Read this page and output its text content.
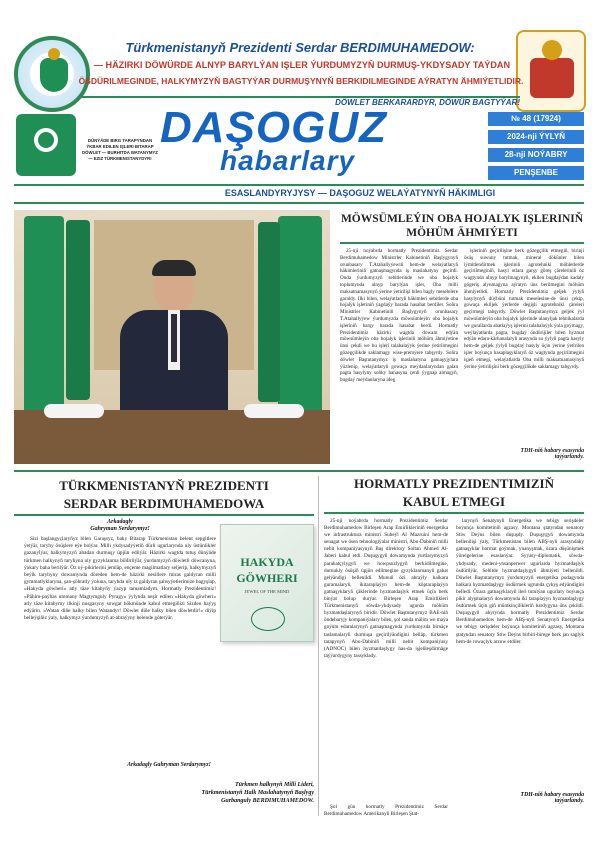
Türkmenistanyň Prezidenti Serdar BERDIMUHAMEDOW:
— HÄZIRKI DÖWÜRDE ALNYP BARYLÝAN IŞLER ÝURDUMYZYŇ DURMUŞ-YKDYSADY TAÝDAN
ÖSDÜRILMEGINDE, HALKYMYZYŇ BAGTYÝAR DURMUŞYNYŇ BERKIDILMEGINDE AÝRATYN ÄHMIÝETLIDIR.
DÖWLET BERKARARDYR, DÖWÜR BAGTYÝAR!
DÜNÝÄDE BIRG TARAPYNDAN ÝKBAR EDILEN IŞLERI BITARAP DÖWLET — BURHITDA WATANYMYZ — EZIZ TÜRKMENISTANYDYR!
DAŞOGUZ
habarlary
№ 48 (17924)
2024-nji ÝYLYŇ
28-nji NOÝABRY
PENŞENBE
ESASLANDYRYJYSY — DAŞOGUZ WELAÝATYNYŇ HÄKIMLIGI
MÖWSÜMLEÝIN OBA HOJALYK IŞLERINIŇ MÖHÜM ÄHMIÝETI

25-nji noýabrda hormatly Prezidentimiz Serdar Berdimuhamedow Ministrler Kabinetiniň Başlygynyň orunbasary T.Atahallyýewiň hem-de welaýatlaryň häkimleriniň gatnaşmagynda iş maslahatyny geçirdi. Onda ýurdumyzyň sebitlerinde we oba hojalyk toplumynda alnyp barylýan işler, Oba milli maksatnamasynyň ýerine ýetirilişi bilen bagly meselelere garaldy. Ilki bilen, welaýatlaryň häkimleri sebitlerde oba hojalyk işleriniň ýagdaýy barada hasabat berdiler. Soňra Ministrler Kabinetiniň Başlygynyň orunbasary T.Atahallyýew ýurdumyzda möwsümleýin oba hojalyk işleriniň barşy barada hasabat berdi. Hormatly Prezidentimiz häzirki wagtda dowam edýän möwsümleýin oba hojalyk işleriniň möhüm ähmiýetine ünsi çekdi we bu işleri talabalaýyk ýerine ýetirilmegini gözegçilikde saklamagy wise-premýere tabşyrdy. Soňra döwlet Baştutanymyz iş maslahatyna gatnaşyjylara ýüzlenip, welaýatlaryň gowaça meýdanlaryndan galan pagta hasylyny soňky hanasyna çenli ýygnap almagyň, bugdaý meýdanlaryna ideg

işleriniň geçirilişine berk gözegçilik etmegiň, birinji ösüş suwuny tutmak, mineral dökünler bilen iýmitlendirmek işleriniň agrotehniki möhletlerde geçirilmeginiň, hasyl otlara garşy göreş çäreleriniň öz wagtynda alnyp barylmagynyň, ekilen bugdaýdan kadaly gögeriş alynmagyna aýratyn üns berilmegini möhüm ähmiýetlidi. Hormatly Prezidentimiz geljek ýylyň hasylynyň düýbüni tutmak meselesine-de ünsi çekip, gowaça ekiljek ýerlerde degişli agrotehniki çäreleri geçirmegi tabşyrdy. Döwlet Baştutanymyz geljek ýyl möwsümleýin oba hojalyk işlerinde ulanyljak tehnikalarda we gurallarda abatlaýyş işlerini talabalaýyk ýola goýmagy, weýlaýatlarda pagta, bugdaý öndürijiler bilen hyzmat edýän edara-kärhanalaryň arasynda su ýylyň pagta hasyly hem-de geljek ýylyň bugdaý hasyly üçin ýerine ýetirilen işler boýunça hasaplaşyklaryň öz wagtynda geçirilmegini işjeň etmegi, welaýatlarda Oba milli maksatnamasynyň ýerine ýetirilişini berk gözegçilikde saklamagy tabşyrdy.

TDH-niň habary esasynda taýýarlandy.
TÜRKMENISTANYŇ PREZIDENTI
SERDAR BERDIMUHAMEDOWA
Arkadagly
Gahryman Serdarymyz!

Sizi başlangyçlaryňyz bilen Garaşsyz, baky Bitarap Türkmenistan belent sepgitlere ýetýär, taryhy ösüşlere eýe bolýar. Milli ykdysadyýetiň dürli ugurlarynda uly üstünlikler gazanylýar, halkymyzyň abadan durmuşy üpjün edilýär. Häzirki wagtda tutuş dünýäde türkmen halkynyň taryhyna uly gyzyklanma bildirilýär, ýurdumyzyň döwletli döwranyna, ýokary baha berilýär. Öz oý-pikirlerini jemläp, ençeme magilmatlary seljerip, halkymyzyň beýik taryhyny dowamynda döreden hem-de häzirki nesillere miras galdyran milli gymmatlyklaryna, şan-şöhratly ýoluna, taryhda uly iz galdyran şahsyýetlerimize bagyşlap, «Hakyda göwheri» atly täze kitabyňy ýazyp tamamladym. Hormatly Prezidentimiz! «Pähim-paýhas ummany Magtymguly Pyragy» ýylynda neşir edilen «Hakyda göwheri» atly täze kitabymy ilkinji nusgasyny sowgat hökmünde kabul etmegiňizi Sizden haýyş edýärin. «Watan diňe halky bilen Watandyr! Döwlet diňe halky bilen döwletdir!» diýip belleýşiňiz ýaly, halkymyz ýurdumyzyň at-abraýyny belende göterýär.

HAKYDA
GÖWHERI
JEWEL OF THE MIND
Arkadagly Gahryman Serdarymyz!
Türkmen halkynyň Milli Lideri,
Türkmenistanyň Halk Maslahatynyň Başlygy
Gurbanguly BERDIMUHAMEDOW.
HORMATLY PREZIDENTIMIZIŇ
KABUL ETMEGI

25-nji noýabrda hormatly Prezidentimiz Serdar Berdimuhamedow Birleşen Arap Emirlikleriniň energetika we infrastruktura ministri Suheýl Al Mazruini hem-de senagat we ösen tehnologiýalar ministri, Abu-Dabiniň milli nebit kompaniýasynyň Baş direktory Soltan Ahmed Al-Jaberi kabul etdi. Duşuşygyň dowamynda ýurtlarymyzyň parahatçylygyň we howpsuzlygyň berkidilmegine, durnukly ösüşiň üpjün edilmegine gyzyklanmanyň gabat gelýändigi bellenildi. Munuň özi abraýly halkara guramalaryň, ikitaraplaýyn hem-de köptaraplaýyn gatnaşyklaryň çäklerinde hyzmatdaşlyk etmek üçin berk binýat bolup durýar. Birleşen Arap Emirlikleri Türkmenistanyň söwda-ykdysady ugurda möhüm hyzmatdaşlarynyň biridir. Döwlet Baştutanymyz BAE-niň öndebaryjy kompaniýalary bilen, şol sanda mälim we maýa goýum edaralarynyň gatnaşmagynda ýurdumyzda birnäçe taslamalaryň durmuşa geçirilýändigini belläp, türkmen tarapynyň Abu-Dabiniň milli nebit kompaniýasy (ADNOC) bilen hyzmatdaşlygy has-da işjeňleşdirmäge taýýardygyny tassyklady.

Şol gün hormatly Prezidentimiz Serdar Berdimuhamedow Amerikanyň Birleşen Ştat-

larynyň Senatynyň Energetika we tebigy serişdeler boýunça komitetiniň agzasy, Montana ştatyndan senatory Stiw Deýns bilen duşuşdy. Duşuşygyň dowamynda bellenilişi ýaly, Türkmenistan bilen ABŞ-nyň arasyndaky gatnaşyklar hormat goýmak, ynanyşmak, özara düşünişmek ýörelgelerine esaslanýar. Syýasy-diplomatik, söwda-ykdysady, medeni-ynsanperwer ugurlarda hyzmatdaşlyk ösdürilýär. Sebitde hyzmatdaşlygyň ähmiýeti bellenildi. Döwlet Baştutanymyz ýurdumyzyň energetika pudagynda halkara hyzmatdaşlygy ösdürmek ugrunda çykyş edýändigini belledi. Özara gatnaşyklaryň ileri tutulýan ugurlary boýunça pikir alyşmalaryň dowamynda iki taraplaýyn hyzmatdaşlygy ösdürmek üçin giň mümkinçilikleriň bardygyna üns çekildi. Duşuşygyň ahyrynda hormatly Prezidentimiz Serdar Berdimuhamedow hem-de ABŞ-nyň Senatynyň Energetika we tebigy serişdeler boýunça komitetiniň agzasy, Montana ştatyndan senatory Stiw Deýns birbiri-birege berk jan saglyk hem-de rowaçlyk arzuw etdiler.

TDH-niň habary esasynda taýýarlandy.
